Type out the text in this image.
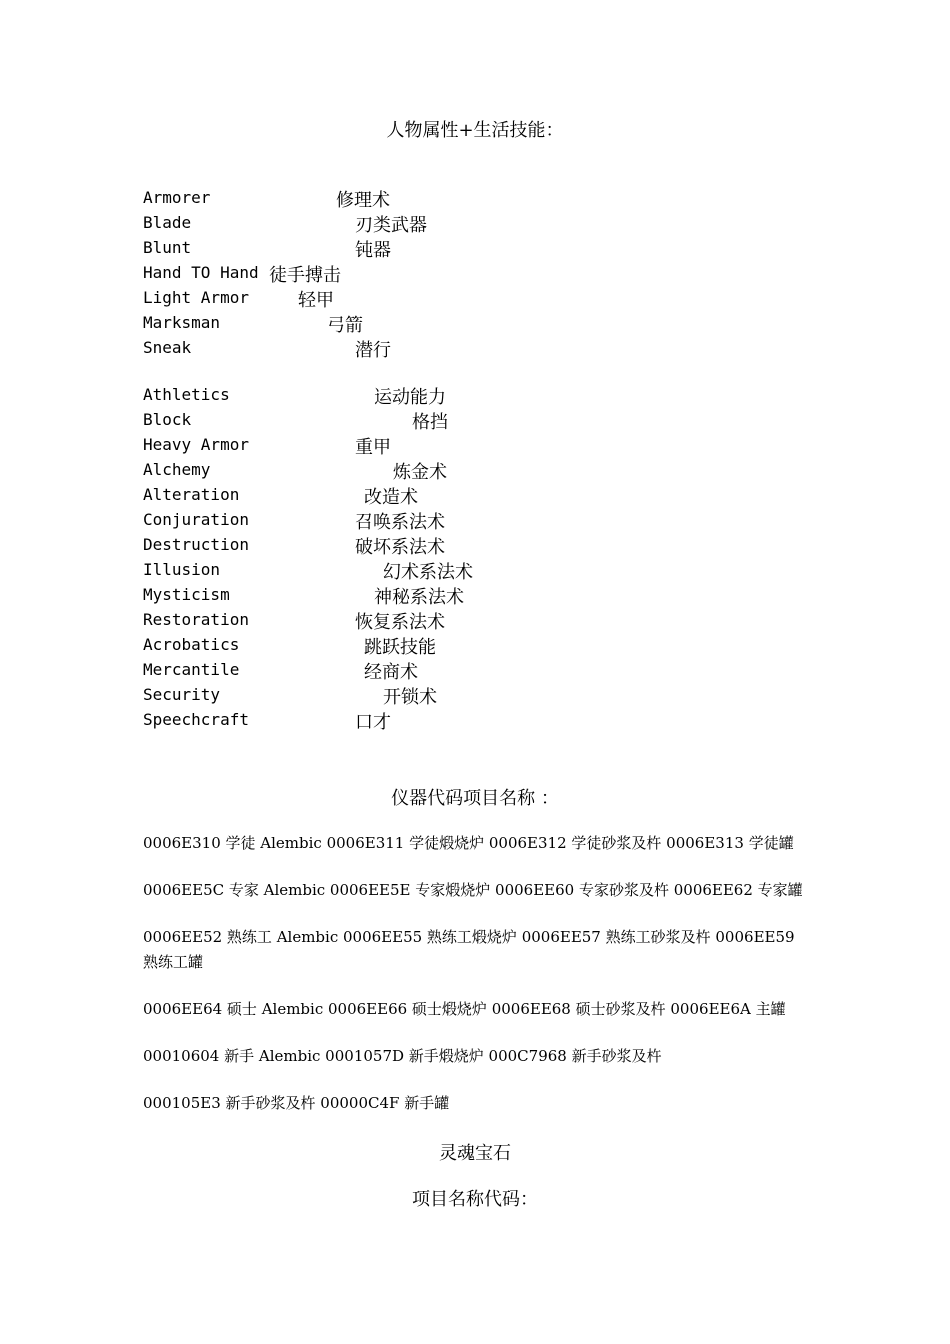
人物属性+生活技能：
Armorer	修理术
Blade	刃类武器
Blunt	钝器
Hand TO Hand 徒手搏击
Light Armor	轻甲
Marksman	弓箭
Sneak	潜行
Athletics	运动能力
Block	格挡
Heavy Armor	重甲
Alchemy	炼金术
Alteration	改造术
Conjuration	召唤系法术
Destruction	破坏系法术
Illusion	幻术系法术
Mysticism	神秘系法术
Restoration	恢复系法术
Acrobatics	跳跃技能
Mercantile	经商术
Security	开锁术
Speechcraft	口才
仪器代码项目名称 ：

0006E310 学徒 Alembic 0006E311 学徒煅烧炉 0006E312 学徒砂浆及杵 0006E313 学徒罐

0006EE5C 专家 Alembic 0006EE5E 专家煅烧炉 0006EE60 专家砂浆及杵 0006EE62 专家罐

0006EE52 熟练工 Alembic 0006EE55 熟练工煅烧炉 0006EE57 熟练工砂浆及杵 0006EE59 熟练工罐

0006EE64 硕士 Alembic 0006EE66 硕士煅烧炉 0006EE68 硕士砂浆及杵 0006EE6A 主罐

00010604 新手 Alembic 0001057D 新手煅烧炉 000C7968 新手砂浆及杵

000105E3 新手砂浆及杵 00000C4F 新手罐

灵魂宝石
项目名称代码：
